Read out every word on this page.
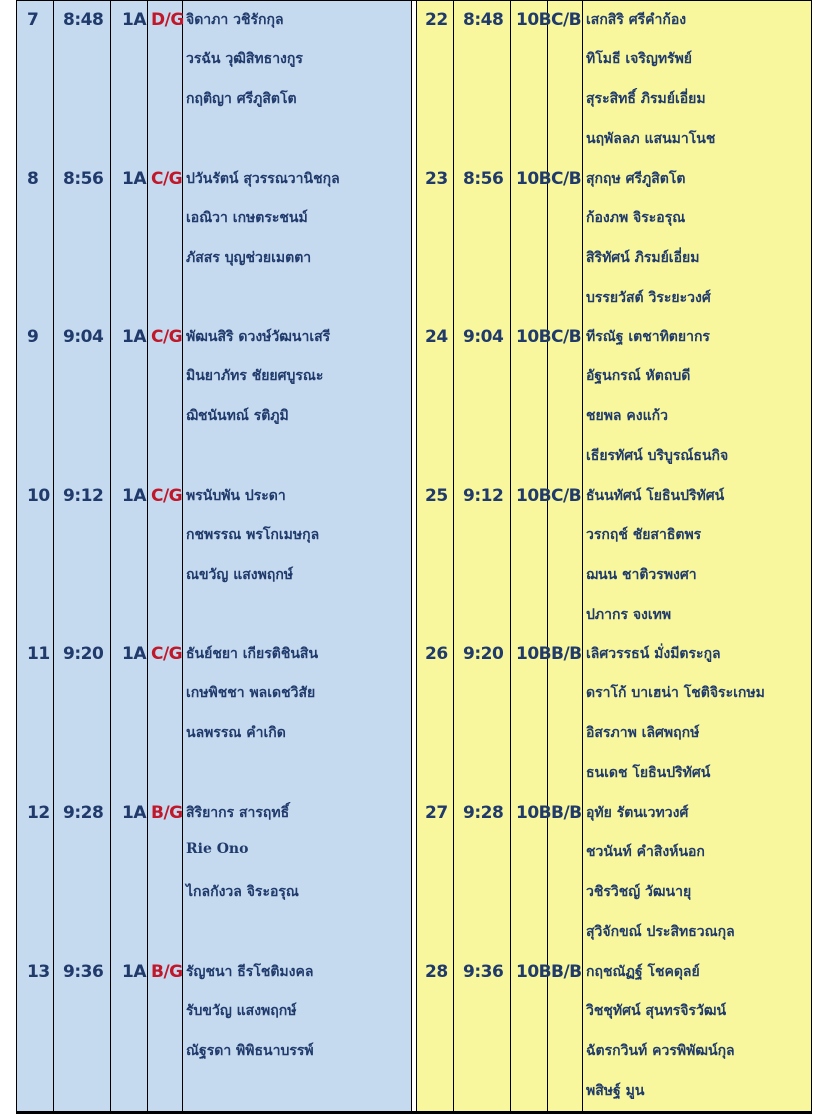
7 8:48 1A D/G จิดาภา วชิรักกุล
วรฉัน วุฒิสิทธางกูร
กฤติญา ศรีภูสิตโต
22 8:48 10B C/B เสกสิริ ศรีคำก้อง
ทิโมธี เจริญทรัพย์
สุระสิทธิ์ ภิรมย์เอี่ยม
นฤพัลลภ แสนมาโนช
8 8:56 1A C/G ปวันรัตน์ สุวรรณวานิชกุล
เอณิวา เกษตระชนม์
ภัสสร บุญช่วยเมตตา
23 8:56 10B C/B สุกฤษ ศรีภูสิตโต
ก้องภพ จิระอรุณ
สิริทัศน์ ภิรมย์เอี่ยม
บรรยวัสต์ วิระยะวงศ์
9 9:04 1A C/G พัฒนสิริ ดวงษ์วัฒนาเสรี
มินยาภัทร ชัยยศบูรณะ
ฌิชนันทณ์ รติภูมิ
24 9:04 10B C/B ทีรณัฐ เตชาทิตยากร
อัฐนกรณ์ หัตถบดี
ชยพล คงแก้ว
เธียรทัศน์ บริบูรณ์ธนกิจ
10 9:12 1A C/G พรนับพัน ประดา
กชพรรณ พรโกเมษกุล
ณขวัญ แสงพฤกษ์
25 9:12 10B C/B ธันนทัศน์ โยธินปริทัศน์
วรกฤช์ ชัยสาธิตพร
ฌนน ชาติวรพงศา
ปภากร จงเทพ
11 9:20 1A C/G ธันย์ชยา เกียรติชินสิน
เกษพิชชา พลเดชวิสัย
นลพรรณ คำเกิด
26 9:20 10B B/B เลิศวรรธน์ มั่งมีตระกูล
ดราโก้ บาเฮน่า โชติจิระเกษม
อิสรภาพ เลิศพฤกษ์
ธนเดช โยธินปริทัศน์
12 9:28 1A B/G สิริยากร สารฤทธิ์
Rie Ono
ไกลกังวล จิระอรุณ
27 9:28 10B B/B อุทัย รัตนเวทวงศ์
ชวนันท์ คำสิงห์นอก
วชิรวิชญ์ วัฒนายุ
สุวิจักขณ์ ประสิทธวณกุล
13 9:36 1A B/G รัญชนา ธีรโชติมงคล
รับขวัญ แสงพฤกษ์
ณัฐรดา พิพิธนาบรรพ์
28 9:36 10B B/B กฤชณัฏฐ์ โชคดุลย์
วิชชุทัศน์ สุนทรจิรวัฒน์
ฉัตรกวินท์ ควรพิพัฒน์กุล
พสิษฐ์ มูน
